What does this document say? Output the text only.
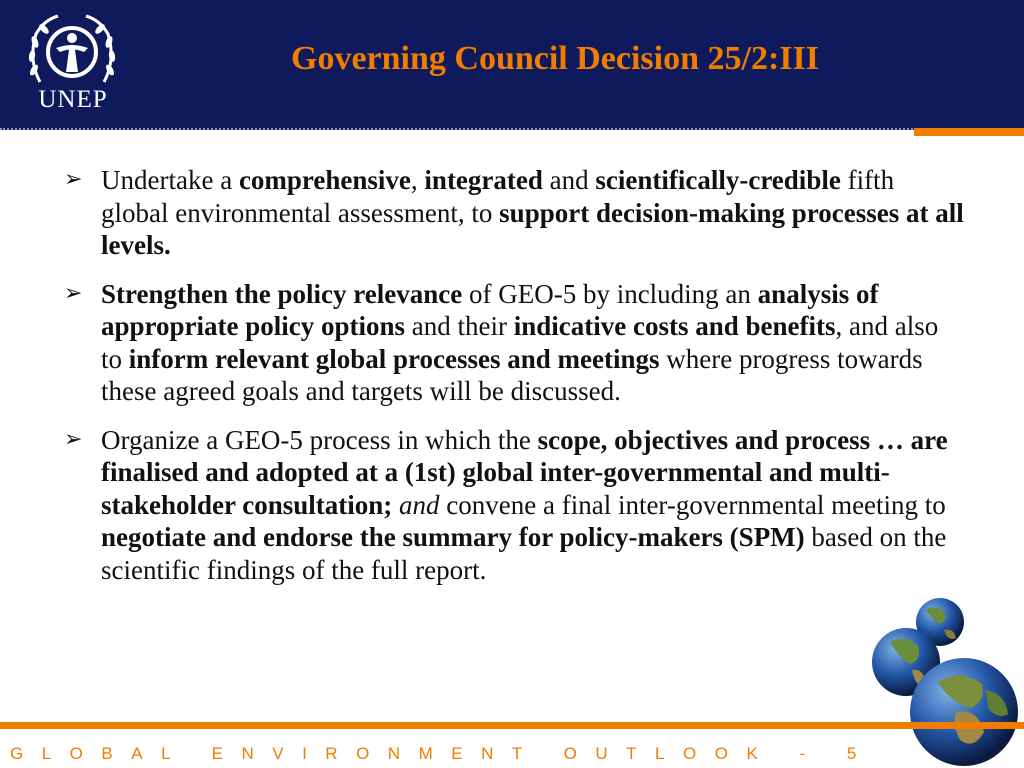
UNEP
Governing Council Decision 25/2:III
➢ Undertake a comprehensive, integrated and scientifically-credible fifth global environmental assessment, to support decision-making processes at all levels.
➢ Strengthen the policy relevance of GEO-5 by including an analysis of appropriate policy options and their indicative costs and benefits, and also to inform relevant global processes and meetings where progress towards these agreed goals and targets will be discussed.
➢ Organize a GEO-5 process in which the scope, objectives and process … are finalised and adopted at a (1st) global inter-governmental and multi-stakeholder consultation; and convene a final inter-governmental meeting to negotiate and endorse the summary for policy-makers (SPM) based on the scientific findings of the full report.
GLOBAL ENVIRONMENT OUTLOOK - 5
